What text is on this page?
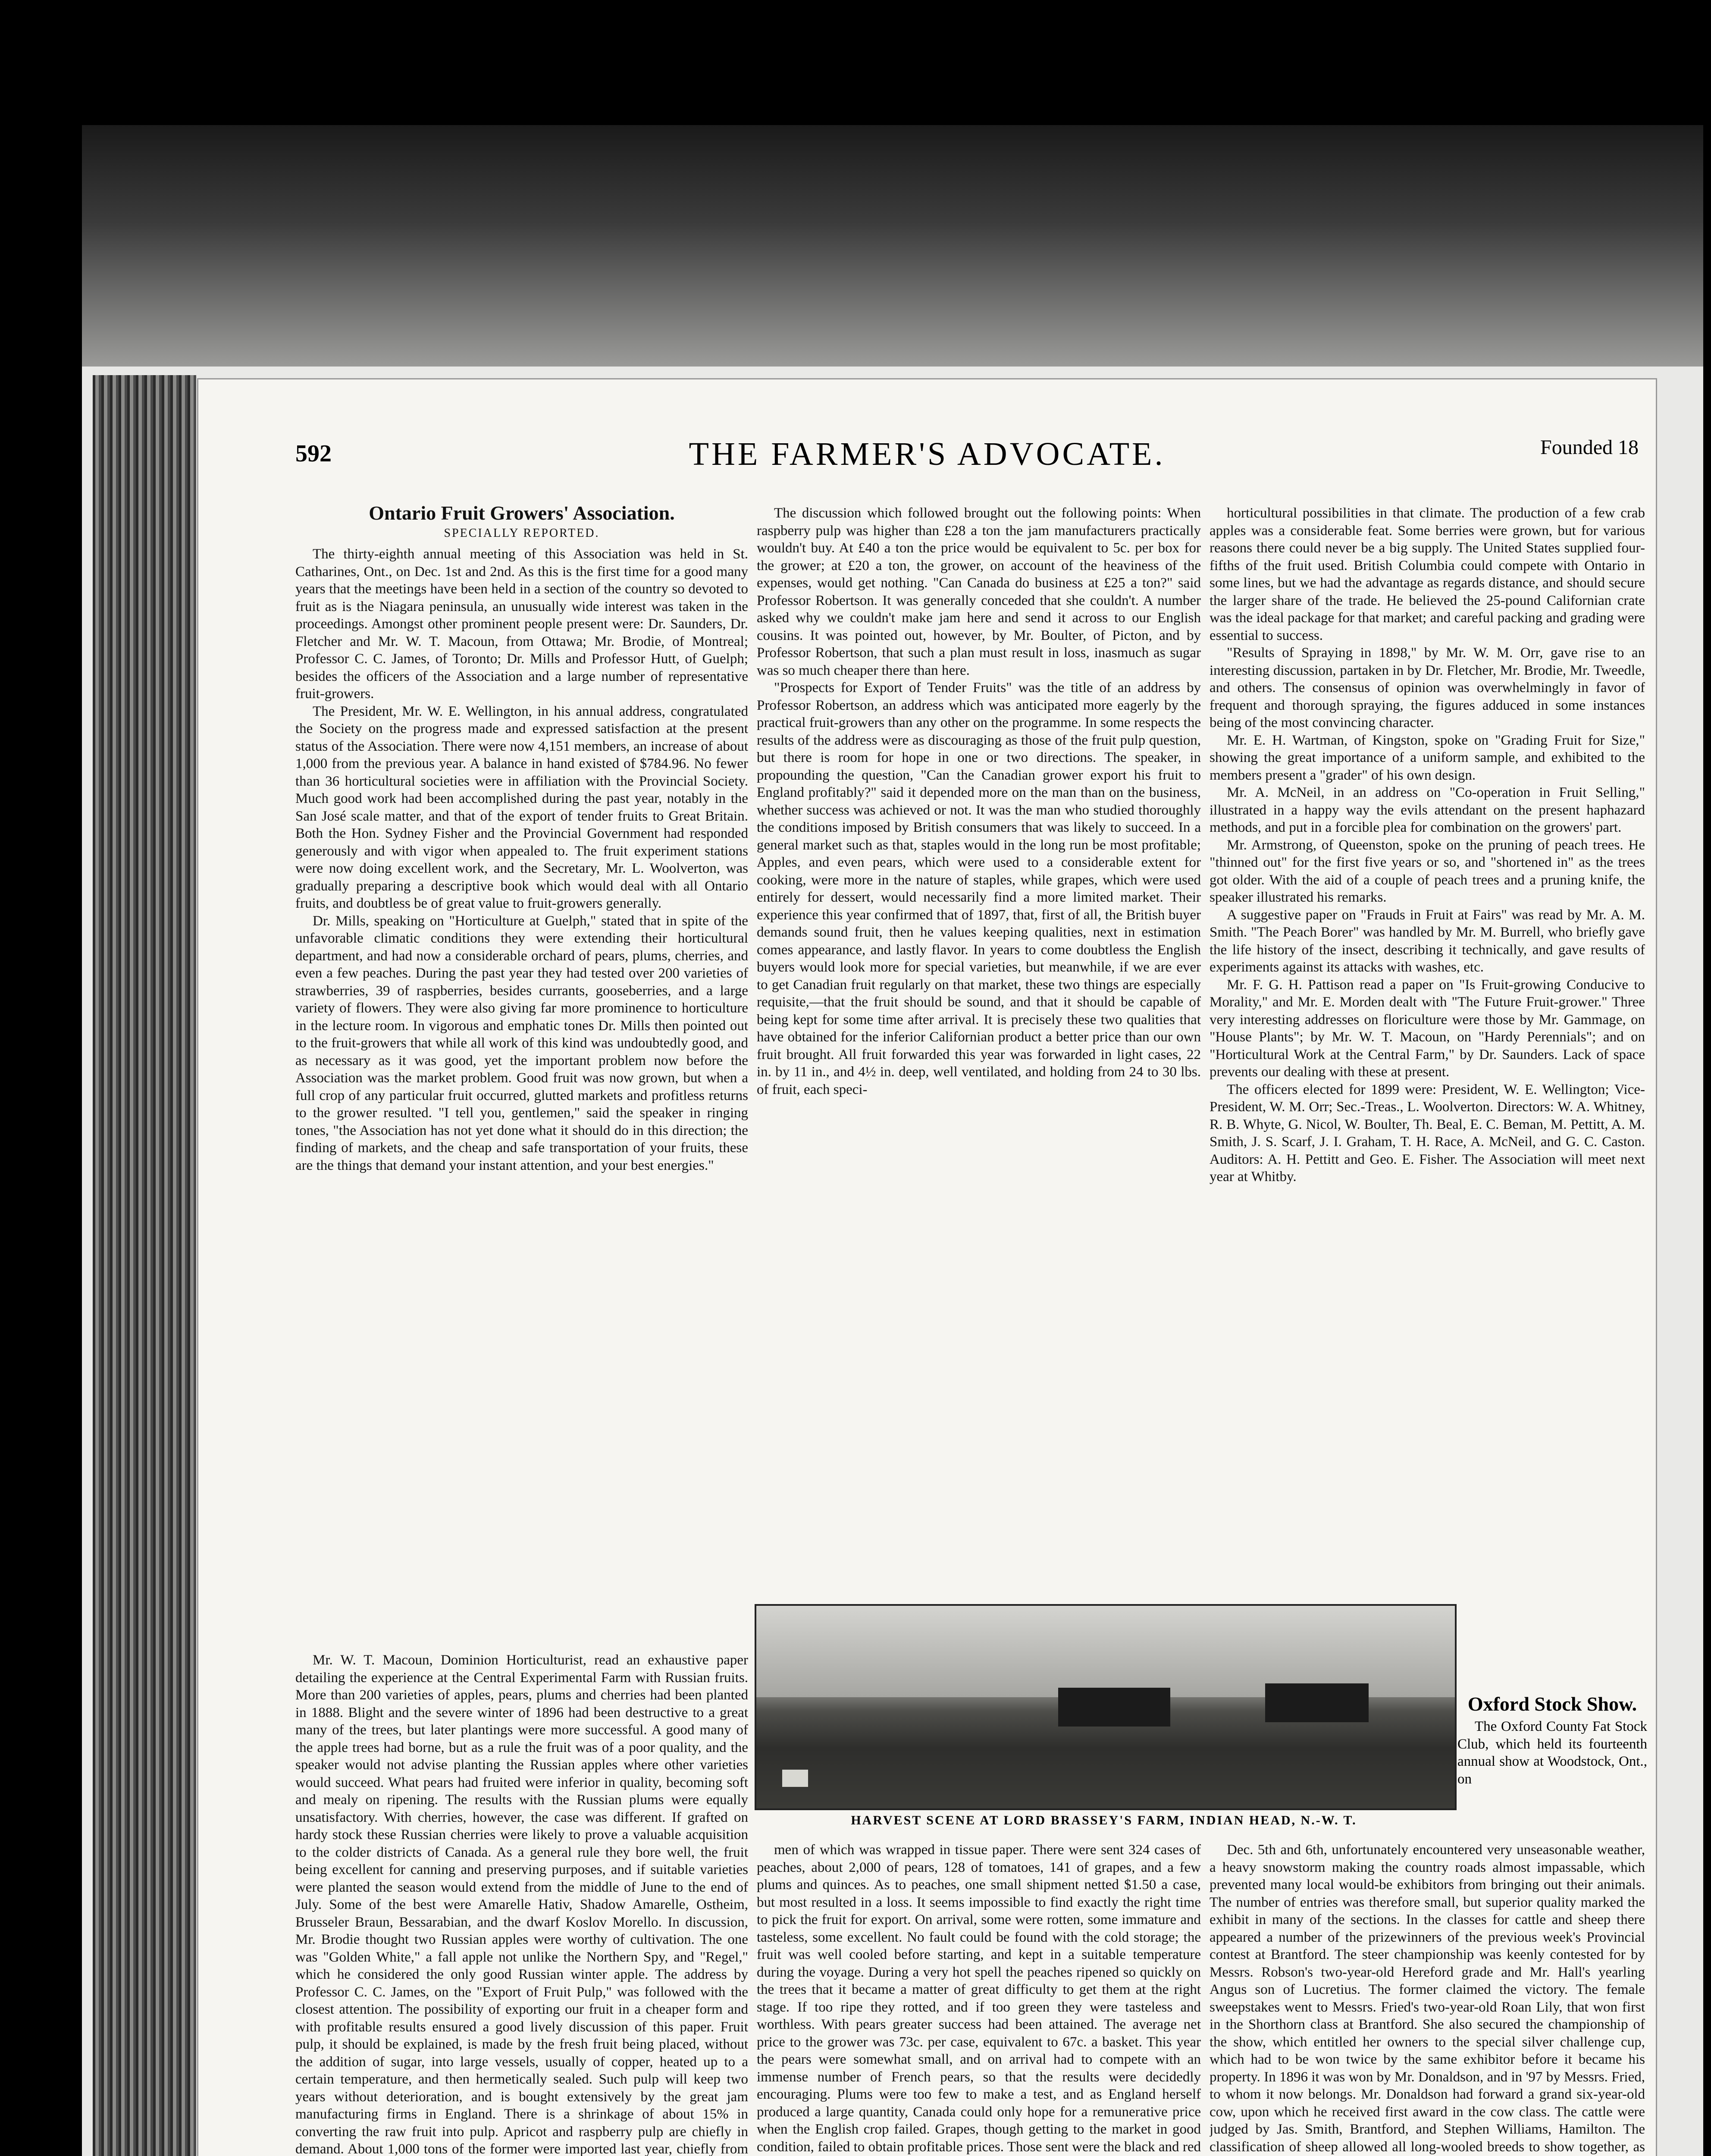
592	THE FARMER'S ADVOCATE.	Founded 18
Ontario Fruit Growers' Association.
SPECIALLY REPORTED.

The thirty-eighth annual meeting of this Association was held in St. Catharines, Ont., on Dec. 1st and 2nd. As this is the first time for a good many years that the meetings have been held in a section of the country so devoted to fruit as is the Niagara peninsula, an unusually wide interest was taken in the proceedings. Amongst other prominent people present were: Dr. Saunders, Dr. Fletcher and Mr. W. T. Macoun, from Ottawa; Mr. Brodie, of Montreal; Professor C. C. James, of Toronto; Dr. Mills and Professor Hutt, of Guelph; besides the officers of the Association and a large number of representative fruit-growers.

The President, Mr. W. E. Wellington, in his annual address, congratulated the Society on the progress made and expressed satisfaction at the present status of the Association. There were now 4,151 members, an increase of about 1,000 from the previous year. A balance in hand existed of $784.96. No fewer than 36 horticultural societies were in affiliation with the Provincial Society. Much good work had been accomplished during the past year, notably in the San José scale matter, and that of the export of tender fruits to Great Britain. Both the Hon. Sydney Fisher and the Provincial Government had responded generously and with vigor when appealed to. The fruit experiment stations were now doing excellent work, and the Secretary, Mr. L. Woolverton, was gradually preparing a descriptive book which would deal with all Ontario fruits, and doubtless be of great value to fruit-growers generally.

Dr. Mills, speaking on "Horticulture at Guelph," stated that in spite of the unfavorable climatic conditions they were extending their horticultural department, and had now a considerable orchard of pears, plums, cherries, and even a few peaches. During the past year they had tested over 200 varieties of strawberries, 39 of raspberries, besides currants, gooseberries, and a large variety of flowers. They were also giving far more prominence to horticulture in the lecture room. In vigorous and emphatic tones Dr. Mills then pointed out to the fruit-growers that while all work of this kind was undoubtedly good, and as necessary as it was good, yet the important problem now before the Association was the market problem. Good fruit was now grown, but when a full crop of any particular fruit occurred, glutted markets and profitless returns to the grower resulted. "I tell you, gentlemen," said the speaker in ringing tones, "the Association has not yet done what it should do in this direction; the finding of markets, and the cheap and safe transportation of your fruits, these are the things that demand your instant attention, and your best energies."

The discussion which followed brought out the following points: When raspberry pulp was higher than £28 a ton the jam manufacturers practically wouldn't buy. At £40 a ton the price would be equivalent to 5c. per box for the grower; at £20 a ton, the grower, on account of the heaviness of the expenses, would get nothing. "Can Canada do business at £25 a ton?" said Professor Robertson. It was generally conceded that she couldn't. A number asked why we couldn't make jam here and send it across to our English cousins. It was pointed out, however, by Mr. Boulter, of Picton, and by Professor Robertson, that such a plan must result in loss, inasmuch as sugar was so much cheaper there than here.

"Prospects for Export of Tender Fruits" was the title of an address by Professor Robertson, an address which was anticipated more eagerly by the practical fruit-growers than any other on the programme. In some respects the results of the address were as discouraging as those of the fruit pulp question, but there is room for hope in one or two directions. The speaker, in propounding the question, "Can the Canadian grower export his fruit to England profitably?" said it depended more on the man than on the business, whether success was achieved or not. It was the man who studied thoroughly the conditions imposed by British consumers that was likely to succeed. In a general market such as that, staples would in the long run be most profitable; Apples, and even pears, which were used to a considerable extent for cooking, were more in the nature of staples, while grapes, which were used entirely for dessert, would necessarily find a more limited market. Their experience this year confirmed that of 1897, that, first of all, the British buyer demands sound fruit, then he values keeping qualities, next in estimation comes appearance, and lastly flavor. In years to come doubtless the English buyers would look more for special varieties, but meanwhile, if we are ever to get Canadian fruit regularly on that market, these two things are especially requisite,—that the fruit should be sound, and that it should be capable of being kept for some time after arrival. It is precisely these two qualities that have obtained for the inferior Californian product a better price than our own fruit brought. All fruit forwarded this year was forwarded in light cases, 22 in. by 11 in., and 4½ in. deep, well ventilated, and holding from 24 to 30 lbs. of fruit, each speci-

horticultural possibilities in that climate. The production of a few crab apples was a considerable feat. Some berries were grown, but for various reasons there could never be a big supply. The United States supplied four-fifths of the fruit used. British Columbia could compete with Ontario in some lines, but we had the advantage as regards distance, and should secure the larger share of the trade. He believed the 25-pound Californian crate was the ideal package for that market; and careful packing and grading were essential to success.

"Results of Spraying in 1898," by Mr. W. M. Orr, gave rise to an interesting discussion, partaken in by Dr. Fletcher, Mr. Brodie, Mr. Tweedle, and others. The consensus of opinion was overwhelmingly in favor of frequent and thorough spraying, the figures adduced in some instances being of the most convincing character.

Mr. E. H. Wartman, of Kingston, spoke on "Grading Fruit for Size," showing the great importance of a uniform sample, and exhibited to the members present a "grader" of his own design.

Mr. A. McNeil, in an address on "Co-operation in Fruit Selling," illustrated in a happy way the evils attendant on the present haphazard methods, and put in a forcible plea for combination on the growers' part.

Mr. Armstrong, of Queenston, spoke on the pruning of peach trees. He "thinned out" for the first five years or so, and "shortened in" as the trees got older. With the aid of a couple of peach trees and a pruning knife, the speaker illustrated his remarks.

A suggestive paper on "Frauds in Fruit at Fairs" was read by Mr. A. M. Smith. "The Peach Borer" was handled by Mr. M. Burrell, who briefly gave the life history of the insect, describing it technically, and gave results of experiments against its attacks with washes, etc.

Mr. F. G. H. Pattison read a paper on "Is Fruit-growing Conducive to Morality," and Mr. E. Morden dealt with "The Future Fruit-grower." Three very interesting addresses on floriculture were those by Mr. Gammage, on "House Plants"; by Mr. W. T. Macoun, on "Hardy Perennials"; and on "Horticultural Work at the Central Farm," by Dr. Saunders. Lack of space prevents our dealing with these at present.

The officers elected for 1899 were: President, W. E. Wellington; Vice-President, W. M. Orr; Sec.-Treas., L. Woolverton. Directors: W. A. Whitney, R. B. Whyte, G. Nicol, W. Boulter, Th. Beal, E. C. Beman, M. Pettitt, A. M. Smith, J. S. Scarf, J. I. Graham, T. H. Race, A. McNeil, and G. C. Caston. Auditors: A. H. Pettitt and Geo. E. Fisher. The Association will meet next year at Whitby.

HARVEST SCENE AT LORD BRASSEY'S FARM, INDIAN HEAD, N.-W. T.
Oxford Stock Show.
The Oxford County Fat Stock Club, which held its fourteenth annual show at Woodstock, Ont., on

Mr. W. T. Macoun, Dominion Horticulturist, read an exhaustive paper detailing the experience at the Central Experimental Farm with Russian fruits. More than 200 varieties of apples, pears, plums and cherries had been planted in 1888. Blight and the severe winter of 1896 had been destructive to a great many of the trees, but later plantings were more successful. A good many of the apple trees had borne, but as a rule the fruit was of a poor quality, and the speaker would not advise planting the Russian apples where other varieties would succeed. What pears had fruited were inferior in quality, becoming soft and mealy on ripening. The results with the Russian plums were equally unsatisfactory. With cherries, however, the case was different. If grafted on hardy stock these Russian cherries were likely to prove a valuable acquisition to the colder districts of Canada. As a general rule they bore well, the fruit being excellent for canning and preserving purposes, and if suitable varieties were planted the season would extend from the middle of June to the end of July. Some of the best were Amarelle Hativ, Shadow Amarelle, Ostheim, Brusseler Braun, Bessarabian, and the dwarf Koslov Morello. In discussion, Mr. Brodie thought two Russian apples were worthy of cultivation. The one was "Golden White," a fall apple not unlike the Northern Spy, and "Regel," which he considered the only good Russian winter apple. The address by Professor C. C. James, on the "Export of Fruit Pulp," was followed with the closest attention. The possibility of exporting our fruit in a cheaper form and with profitable results ensured a good lively discussion of this paper. Fruit pulp, it should be explained, is made by the fresh fruit being placed, without the addition of sugar, into large vessels, usually of copper, heated up to a certain temperature, and then hermetically sealed. Such pulp will keep two years without deterioration, and is bought extensively by the great jam manufacturing firms in England. There is a shrinkage of about 15% in converting the raw fruit into pulp. Apricot and raspberry pulp are chiefly in demand. About 1,000 tons of the former were imported last year, chiefly from

men of which was wrapped in tissue paper. There were sent 324 cases of peaches, about 2,000 of pears, 128 of tomatoes, 141 of grapes, and a few plums and quinces. As to peaches, one small shipment netted $1.50 a case, but most resulted in a loss. It seems impossible to find exactly the right time to pick the fruit for export. On arrival, some were rotten, some immature and tasteless, some excellent. No fault could be found with the cold storage; the fruit was well cooled before starting, and kept in a suitable temperature during the voyage. During a very hot spell the peaches ripened so quickly on the trees that it became a matter of great difficulty to get them at the right stage. If too ripe they rotted, and if too green they were tasteless and worthless. With pears greater success had been attained. The average net price to the grower was 73c. per case, equivalent to 67c. a basket. This year the pears were somewhat small, and on arrival had to compete with an immense number of French pears, so that the results were decidedly encouraging. Plums were too few to make a test, and as England herself produced a large quantity, Canada could only hope for a remunerative price when the English crop failed. Grapes, though getting to the market in good condition, failed to obtain profitable prices. Those sent were the black and red

Dec. 5th and 6th, unfortunately encountered very unseasonable weather, a heavy snowstorm making the country roads almost impassable, which prevented many local would-be exhibitors from bringing out their animals. The number of entries was therefore small, but superior quality marked the exhibit in many of the sections. In the classes for cattle and sheep there appeared a number of the prizewinners of the previous week's Provincial contest at Brantford. The steer championship was keenly contested for by Messrs. Robson's two-year-old Hereford grade and Mr. Hall's yearling Angus son of Lucretius. The former claimed the victory. The female sweepstakes went to Messrs. Fried's two-year-old Roan Lily, that won first in the Shorthorn class at Brantford. She also secured the championship of the show, which entitled her owners to the special silver challenge cup, which had to be won twice by the same exhibitor before it became his property. In 1896 it was won by Mr. Donaldson, and in '97 by Messrs. Fried, to whom it now belongs. Mr. Donaldson had forward a grand six-year-old cow, upon which he received first award in the cow class. The cattle were judged by Jas. Smith, Brantford, and Stephen Williams, Hamilton. The classification of sheep allowed all long-wooled breeds to show together, as
